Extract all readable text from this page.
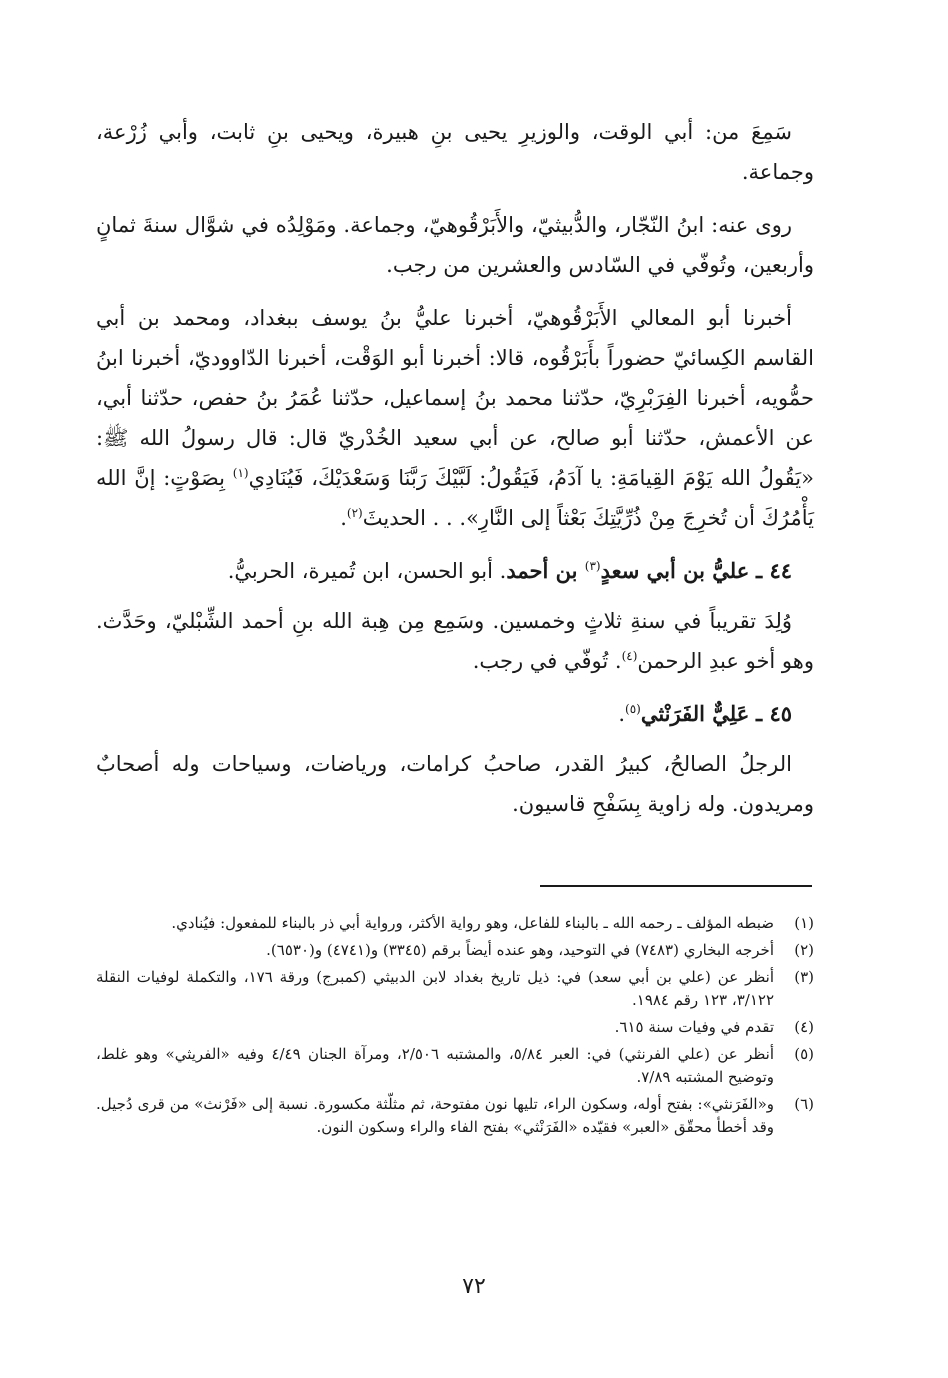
سَمِعَ من: أبي الوقت، والوزيرِ يحيى بنِ هبيرة، ويحيى بنِ ثابت، وأبي زُرْعة، وجماعة.

روى عنه: ابنُ النّجّار، والدُّبيثيّ، والأَبَرْقُوهيّ، وجماعة. ومَوْلِدُه في شوَّال سنةَ ثمانٍ وأربعين، وتُوفّي في السّادس والعشرين من رجب.

أخبرنا أبو المعالي الأَبَرْقُوهيّ، أخبرنا عليُّ بنُ يوسف ببغداد، ومحمد بن أبي القاسم الكِسائيّ حضوراً بأَبَرْقُوه، قالا: أخبرنا أبو الوَقْت، أخبرنا الدّاووديّ، أخبرنا ابنُ حمُّويه، أخبرنا الفِرَبْرِيّ، حدّثنا محمد بنُ إسماعيل، حدّثنا عُمَرُ بنُ حفص، حدّثنا أبي، عن الأعمش، حدّثنا أبو صالح، عن أبي سعيد الخُدْريّ قال: قال رسولُ الله ﷺ: «يَقُولُ الله يَوْمَ القِيامَةِ: يا آدَمُ، فَيَقُولُ: لَبَّيْكَ رَبَّنَا وَسَعْدَيْكَ، فَيُنَادِي$^{(١)}$ بِصَوْتٍ: إنَّ الله يَأْمُرُكَ أن تُخرِجَ مِنْ ذُرِّيَّتِكَ بَعْثاً إلى النَّارِ». . . الحديثَ$^{(٢)}$.

٤٤ ـ عليُّ بن أبي سعدٍ$^{(٣)}$ بن أحمد. أبو الحسن، ابن تُميرة، الحربيُّ.

وُلِدَ تقريباً في سنةِ ثلاثٍ وخمسين. وسَمِع مِن هِبة الله بنِ أحمد الشِّبْليّ، وحَدَّث. وهو أخو عبدِ الرحمن$^{(٤)}$. تُوفّي في رجب.

٤٥ ـ عَلِيٌّ الفَرَنْثي$^{(٥)}$.

الرجلُ الصالحُ، كبيرُ القدر، صاحبُ كرامات، ورياضات، وسياحات وله أصحابٌ ومريدون. وله زاوية بِسَفْحِ قاسيون.

(١)
ضبطه المؤلف ـ رحمه الله ـ بالبناء للفاعل، وهو رواية الأكثر، ورواية أبي ذر بالبناء للمفعول: فيُنادي.
(٢)
أخرجه البخاري (٧٤٨٣) في التوحيد، وهو عنده أيضاً برقم (٣٣٤٥) و(٤٧٤١) و(٦٥٣٠).
(٣)
أنظر عن (علي بن أبي سعد) في: ذيل تاريخ بغداد لابن الدبيثي (كمبرج) ورقة ١٧٦، والتكملة لوفيات النقلة ٣/١٢٢، ١٢٣ رقم ١٩٨٤.
(٤)
تقدم في وفيات سنة ٦١٥.
(٥)
أنظر عن (علي الفرنثي) في: العبر ٥/٨٤، والمشتبه ٢/٥٠٦، ومرآة الجنان ٤/٤٩ وفيه «الفريثي» وهو غلط، وتوضيح المشتبه ٧/٨٩.
(٦)
و«الفَرَنثي»: بفتح أوله، وسكون الراء، تليها نون مفتوحة، ثم مثلّثة مكسورة. نسبة إلى «فَرْنث» من قرى دُجيل. وقد أخطأ محقّق «العبر» فقيّده «الفَرَنْثي» بفتح الفاء والراء وسكون النون.
٧٢
